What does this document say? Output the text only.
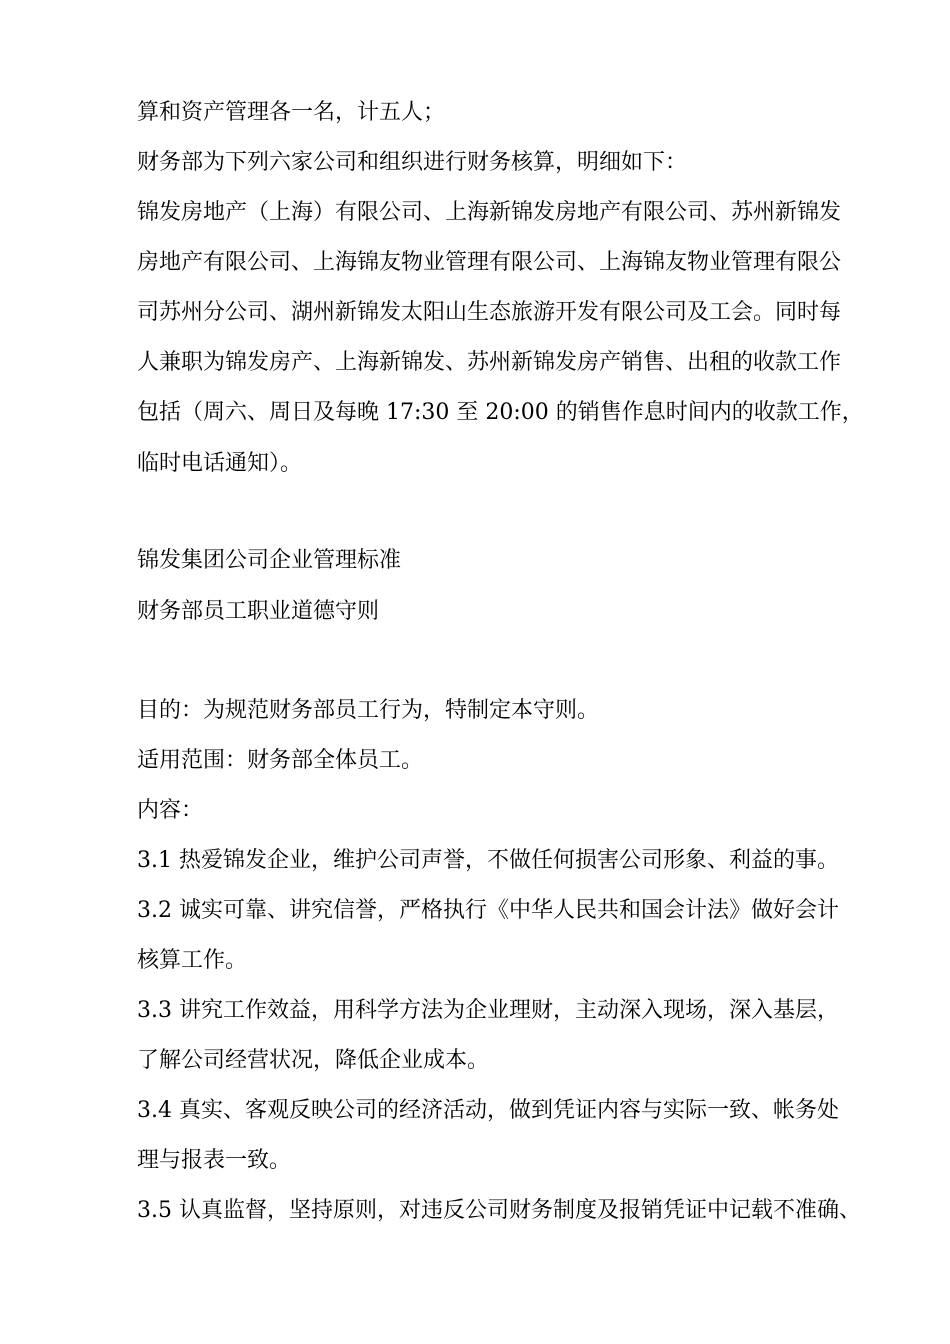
算和资产管理各一名，计五人；
财务部为下列六家公司和组织进行财务核算，明细如下：
锦发房地产（上海）有限公司、上海新锦发房地产有限公司、苏州新锦发
房地产有限公司、上海锦友物业管理有限公司、上海锦友物业管理有限公
司苏州分公司、湖州新锦发太阳山生态旅游开发有限公司及工会。同时每
人兼职为锦发房产、上海新锦发、苏州新锦发房产销售、出租的收款工作
包括（周六、周日及每晚 17:30 至 20:00 的销售作息时间内的收款工作，
临时电话通知）。
锦发集团公司企业管理标准
财务部员工职业道德守则
目的：为规范财务部员工行为，特制定本守则。
适用范围：财务部全体员工。
内容：
3.1 热爱锦发企业，维护公司声誉，不做任何损害公司形象、利益的事。
3.2 诚实可靠、讲究信誉，严格执行《中华人民共和国会计法》做好会计
核算工作。
3.3 讲究工作效益，用科学方法为企业理财，主动深入现场，深入基层，
了解公司经营状况，降低企业成本。
3.4 真实、客观反映公司的经济活动，做到凭证内容与实际一致、帐务处
理与报表一致。
3.5 认真监督，坚持原则，对违反公司财务制度及报销凭证中记载不准确、
